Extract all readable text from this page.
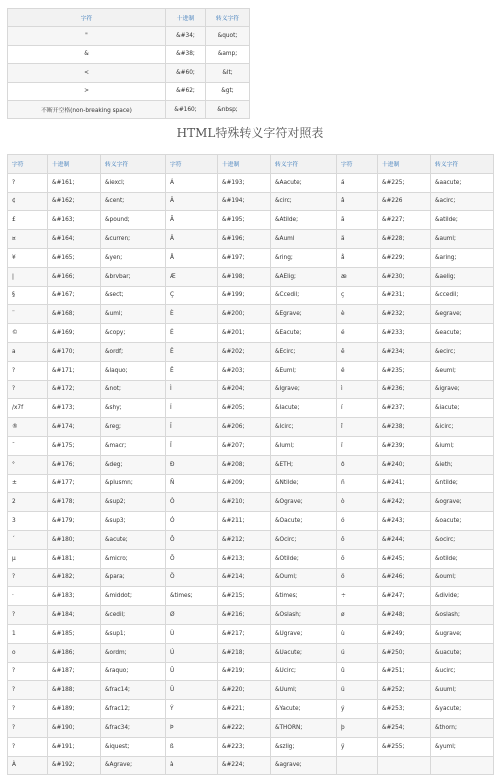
字符	十进制	转义字符
"	&#34;	&quot;
&	&#38;	&amp;
<	&#60;	&lt;
>	&#62;	&gt;
不断开空格(non-breaking space)	&#160;	&nbsp;
HTML特殊转义字符对照表
字符	十进制	转义字符	字符	十进制	转义字符	字符	十进制	转义字符
?	&#161;	&iexcl;	Á	&#193;	&Aacute;	á	&#225;	&aacute;
¢	&#162;	&cent;	Â	&#194;	&circ;	â	&#226	&acirc;
£	&#163;	&pound;	Ã	&#195;	&Atilde;	ã	&#227;	&atilde;
¤	&#164;	&curren;	Ä	&#196;	&Auml	ä	&#228;	&auml;
¥	&#165;	&yen;	Å	&#197;	&ring;	å	&#229;	&aring;
|	&#166;	&brvbar;	Æ	&#198;	&AElig;	æ	&#230;	&aelig;
§	&#167;	&sect;	Ç	&#199;	&Ccedil;	ç	&#231;	&ccedil;
¨	&#168;	&uml;	È	&#200;	&Egrave;	è	&#232;	&egrave;
©	&#169;	&copy;	É	&#201;	&Eacute;	é	&#233;	&eacute;
a	&#170;	&ordf;	Ê	&#202;	&Ecirc;	ê	&#234;	&ecirc;
?	&#171;	&laquo;	Ë	&#203;	&Euml;	ë	&#235;	&euml;
?	&#172;	&not;	Ì	&#204;	&Igrave;	ì	&#236;	&igrave;
/x7f	&#173;	&shy;	Í	&#205;	&Iacute;	í	&#237;	&iacute;
®	&#174;	&reg;	Î	&#206;	&Icirc;	î	&#238;	&icirc;
¯	&#175;	&macr;	Ï	&#207;	&Iuml;	ï	&#239;	&iuml;
°	&#176;	&deg;	Ð	&#208;	&ETH;	ð	&#240;	&ieth;
±	&#177;	&plusmn;	Ñ	&#209;	&Ntilde;	ñ	&#241;	&ntilde;
2	&#178;	&sup2;	Ò	&#210;	&Ograve;	ò	&#242;	&ograve;
3	&#179;	&sup3;	Ó	&#211;	&Oacute;	ó	&#243;	&oacute;
´	&#180;	&acute;	Ô	&#212;	&Ocirc;	ô	&#244;	&ocirc;
μ	&#181;	&micro;	Õ	&#213;	&Otilde;	õ	&#245;	&otilde;
?	&#182;	&para;	Ö	&#214;	&Ouml;	ö	&#246;	&ouml;
·	&#183;	&middot;	&times;	&#215;	&times;	÷	&#247;	&divide;
?	&#184;	&cedil;	Ø	&#216;	&Oslash;	ø	&#248;	&oslash;
1	&#185;	&sup1;	Ù	&#217;	&Ugrave;	ù	&#249;	&ugrave;
o	&#186;	&ordm;	Ú	&#218;	&Uacute;	ú	&#250;	&uacute;
?	&#187;	&raquo;	Û	&#219;	&Ucirc;	û	&#251;	&ucirc;
?	&#188;	&frac14;	Ü	&#220;	&Uuml;	ü	&#252;	&uuml;
?	&#189;	&frac12;	Ý	&#221;	&Yacute;	ý	&#253;	&yacute;
?	&#190;	&frac34;	Þ	&#222;	&THORN;	þ	&#254;	&thorn;
?	&#191;	&iquest;	ß	&#223;	&szlig;	ÿ	&#255;	&yuml;
À	&#192;	&Agrave;	à	&#224;	&agrave;			
